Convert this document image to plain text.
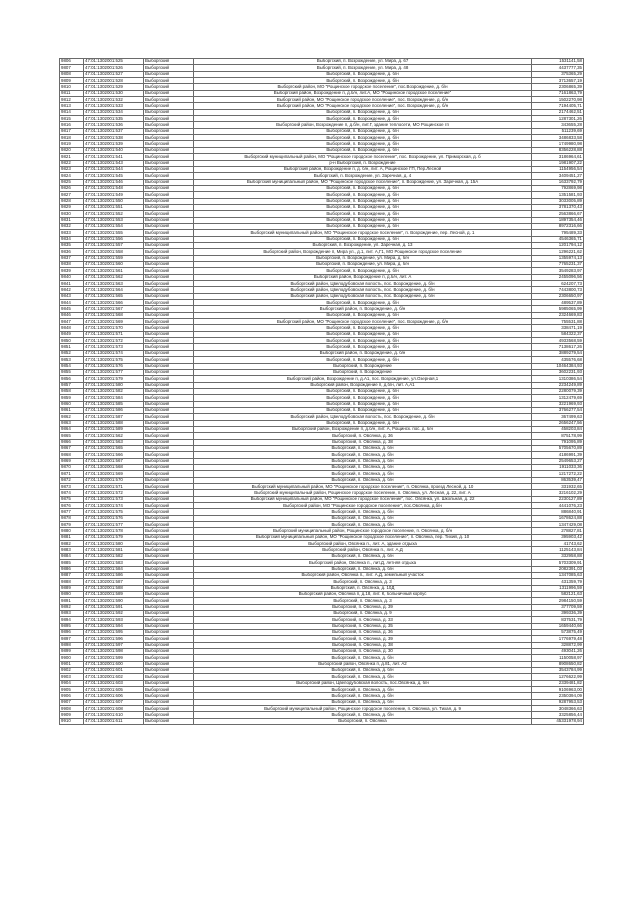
9806	47:01:1302001:525	Выборгский	Выборгский, п. Возрождение, ул. Мира, д. 67	1531141,58
9807	47:01:1302001:526	Выборгский	Выборгский, п. Возрождение, ул. Мира, д. 48	4437777,35
9808	47:01:1302001:527	Выборгский	Выборгский, п. Возрождение, д. б/н	375365,29
9809	47:01:1302001:528	Выборгский	Выборгский, п. Возрождение, д. б/н	3713657,19
9810	47:01:1302001:529	Выборгский	Выборгский район, МО "Рощинское городское поселение", пос.Возрождение, д. б/н	2306865,39
9811	47:01:1302001:530	Выборгский	Выборгский район, Возрождение п, д.б/н, лит.А, МО "Рощинское городское поселение"	7161863,79
9812	47:01:1302001:532	Выборгский	Выборгский район, МО "Рощинское городское поселение", пос. Возрождение, д. б/н	1502270,98
9813	47:01:1302001:533	Выборгский	Выборгский район, МО "Рощинское городское поселение", пос. Возрождение, д. б/н	7194405,71
9814	47:01:1302001:534	Выборгский	Выборгский, п. Возрождение, д. б/н	2174462,51
9815	47:01:1302001:535	Выборгский	Выборгский, п. Возрождение, д. б/н	1287301,26
9816	47:01:1302001:536	Выборгский	Выборгский район, Возрождение п, д.б/н, лит.Г, здание теплосети, МО Рощинское гп	343655,28
9817	47:01:1302001:537	Выборгский	Выборгский, п. Возрождение, д. б/н	511239,69
9818	47:01:1302001:538	Выборгский	Выборгский, п. Возрождение, д. б/н	3486833,58
9819	47:01:1302001:539	Выборгский	Выборгский, п. Возрождение, д. б/н	1749980,98
9820	47:01:1302001:540	Выборгский	Выборгский, п. Возрождение, д. б/н	8356228,88
9821	47:01:1302001:541	Выборгский	Выборгский муниципальный район, МО "Рощинское городское поселение", пос. Возрождение, ул. Приморская, д. б	3186964,61
9822	47:01:1302001:543	Выборгский	р-н Выборгский, п. Возрождение	1981907,22
9823	47:01:1302001:544	Выборгский	Выборгский район, Возрождение п, д. б/н, лит. А, Рощинское ГП, Пер.Лесной	1154956,54
9824	47:01:1302001:545	Выборгский	Выборгский, п. Возрождение, ул. Заречная, д. 4	3409451,27
9825	47:01:1302001:546	Выборгский	Выборгский муниципальный район, МО "Рощинское городское поселение", п. Возрождение, ул. Заречная, д. 15А	1633792,79
9826	47:01:1302001:548	Выборгский	Выборгский, п. Возрождение, д. б/н	792869,98
9827	47:01:1302001:549	Выборгский	Выборгский, п. Возрождение, д. б/н	1351581,93
9828	47:01:1302001:550	Выборгский	Выборгский, п. Возрождение, д. б/н	3033005,89
9829	47:01:1302001:551	Выборгский	Выборгский, п. Возрождение, д. б/н	3781370,43
9830	47:01:1302001:552	Выборгский	Выборгский, п. Возрождение, д. б/н	2563866,67
9831	47:01:1302001:553	Выборгский	Выборгский, п. Возрождение, д. б/н	1897354,46
9832	47:01:1302001:554	Выборгский	Выборгский, п. Возрождение, д. б/н	8972316,66
9833	47:01:1302001:555	Выборгский	Выборгский муниципальный район, МО "Рощинское городское поселение", п. Возрождение, пер. Лесной, д. 1	795489,33
9834	47:01:1302001:556	Выборгский	Выборгский, п. Возрождение, д. б/н	4546365,71
9835	47:01:1302001:557	Выборгский	Выборгский, п. Возрождение, ул. Заречная, д. 13	1201794,12
9836	47:01:1302001:558	Выборгский	Выборгский район, Возрождение п, Мира ул., д.1, лит. А,Г1, МО Рощинское городское поселение	1296221,62
9837	47:01:1302001:559	Выборгский	Выборгский, п. Возрождение, ул. Мира, д. б/н	1355974,13
9838	47:01:1302001:560	Выборгский	Выборгский, п. Возрождение, ул. Мира, д. б/н	7765231,37
9839	47:01:1302001:561	Выборгский	Выборгский, п. Возрождение, д. б/н	3549283,97
9840	47:01:1302001:562	Выборгский	Выборгский район, Возрождение п, д.б/н, лит. А	2455096,56
9841	47:01:1302001:563	Выборгский	Выборгский район, Цвелодубовская волость, пос. Возрождение, д. б/н	624207,73
9842	47:01:1302001:564	Выборгский	Выборгский район, Цвелодубовская волость, пос. Возрождение, д. б/н	7443800,73
9843	47:01:1302001:565	Выборгский	Выборгский район, Цвелодубовская волость, пос. Возрождение, д. б/н	2306650,97
9844	47:01:1302001:566	Выборгский	Выборгский, п. Возрождение, д. б/н	489537,89
9845	47:01:1302001:567	Выборгский	Выборгский район, п. Возрождение, д. б/н	5985065,99
9846	47:01:1302001:568	Выборгский	Выборгский, п. Возрождение, д. б/н	2324669,83
9847	47:01:1302001:569	Выборгский	Выборгский район, МО "Рощинское городское поселение", пос. Возрождение, д. б/н	755531,88
9848	47:01:1302001:570	Выборгский	Выборгский, п. Возрождение, д. б/н	338471,19
9849	47:01:1302001:571	Выборгский	Выборгский, п. Возрождение, д. б/н	584322,37
9850	47:01:1302001:572	Выборгский	Выборгский, п. Возрождение, д. б/н	4933568,59
9851	47:01:1302001:573	Выборгский	Выборгский, п. Возрождение, д. б/н	7138617,26
9852	47:01:1302001:574	Выборгский	Выборгский район, п. Возрождение, д. б/н	3889279,54
9853	47:01:1302001:575	Выборгский	Выборгский, п. Возрождение, д. б/н	435576,68
9854	47:01:1302001:576	Выборгский	Выборгский, п. Возрождение	10464384,93
9855	47:01:1302001:577	Выборгский	Выборгский, п. Возрождение	3602231,93
9856	47:01:1302001:579	Выборгский	Выборгский район, Возрождение п, д.А1, пос. Возрождение, ул.Озерная,1	1310386,54
9857	47:01:1302001:580	Выборгский	Выборгский район, Возрождение п, д.б/н, лит. А,А1	2234249,89
9858	47:01:1302001:582	Выборгский	Выборгский, п. Возрождение, д. б/н	2280079,39
9859	47:01:1302001:584	Выборгский	Выборгский, п. Возрождение, д. б/н	1312479,69
9860	47:01:1302001:585	Выборгский	Выборгский, п. Возрождение, д. б/н	3221969,93
9861	47:01:1302001:586	Выборгский	Выборгский, п. Возрождение, д. б/н	3766277,54
9862	47:01:1302001:587	Выборгский	Выборгский район, Цвелодубовская волость, пос. Возрождение, д. б/н	367499,63
9863	47:01:1302001:588	Выборгский	Выборгский, п. Возрождение, д. б/н	2656247,56
9864	47:01:1302001:589	Выборгский	Выборгский район, Возрождение п, д.б/н, лит. А, Рощинск. пос. д. б/н	458203,84
9865	47:01:1302001:562	Выборгский	Выборгский, п. Овсянка, д. 36	875178,99
9866	47:01:1302001:563	Выборгский	Выборгский, п. Овсянка, д. 38	791095,89
9867	47:01:1302001:565	Выборгский	Выборгский, п. Овсянка, д. б/н	5705670,89
9868	47:01:1302001:566	Выборгский	Выборгский, п. Овсянка, д. б/н	4186991,39
9869	47:01:1302001:567	Выборгский	Выборгский, п. Овсянка, д. б/н	2549653,27
9870	47:01:1302001:568	Выборгский	Выборгский, п. Овсянка, д. б/н	1911033,36
9871	47:01:1302001:569	Выборгский	Выборгский, п. Овсянка, д. б/н	1217272,22
9872	47:01:1302001:570	Выборгский	Выборгский, п. Овсянка, д. б/н	863539,47
9873	47:01:1302001:571	Выборгский	Выборгский муниципальный район, МО "Рощинское городское поселение", п. Овсянка, проезд Лесной, д. 10	331932,65
9874	47:01:1302001:572	Выборгский	Выборгский муниципальный район, Рощинское городское поселение, п. Овсянка, ул. Лесная, д. 22, лит. А	3216102,29
9875	47:01:1302001:573	Выборгский	Выборгский муниципальный район, МО "Рощинское городское поселение", пос. Овсянка, ул. Школьная, д. 22	2230127,89
9876	47:01:1302001:574	Выборгский	Выборгский район, МО "Рощинское городское поселение", пос.Овсянка, д.б/н	4441076,23
9877	47:01:1302001:575	Выборгский	Выборгский, п. Овсянка, д. б/н	886840,91
9878	47:01:1302001:576	Выборгский	Выборгский, п. Овсянка, д. б/н	1678624,88
9879	47:01:1302001:577	Выборгский	Выборгский, п. Овсянка, д. б/н	1347429,08
9880	47:01:1302001:578	Выборгский	Выборгский муниципальный район, Рощинское городское поселение, п. Овсянка, д. б/н	278827,81
9881	47:01:1302001:579	Выборгский	Выборгский муниципальный район, МО "Рощинское городское поселение", п. Овсянка, пер. Тихий, д. 10	395903,42
9882	47:01:1302001:580	Выборгский	Выборгский район, Овсянка п., лит. А, здание отдыха	41743,62
9883	47:01:1302001:581	Выборгский	Выборгский район, Овсянка п., лит. А,Д	1125143,84
9884	47:01:1302001:582	Выборгский	Выборгский, п. Овсянка, д. б/н	332958,88
9885	47:01:1302001:583	Выборгский	Выборгский район, Овсянка п., лит.Д, летняя отдыха	5703309,91
9886	47:01:1302001:584	Выборгский	Выборгский, п. Овсянка, д. б/н	2082391,03
9887	47:01:1302001:586	Выборгский	Выборгский район, Овсянка п., лит. А,Д, земельный участок	1347085,63
9888	47:01:1302001:587	Выборгский	Выборгский, п. Овсянка, д. 3	431359,79
9889	47:01:1302001:588	Выборгский	Выборгский, п. Овсянка, д. 10Д	1311996,59
9890	47:01:1302001:589	Выборгский	Выборгский район, Овсянка п, д.18, лит. К, больничный корпус	582121,63
9891	47:01:1302001:590	Выборгский	Выборгский, п. Овсянка, д. 3	2984150,59
9892	47:01:1302001:591	Выборгский	Выборгский, п. Овсянка, д. 39	377709,59
9893	47:01:1302001:592	Выборгский	Выборгский, п. Овсянка, д. 9	399336,39
9894	47:01:1302001:593	Выборгский	Выборгский, п. Овсянка, д. 33	837531,79
9895	47:01:1302001:594	Выборгский	Выборгский, п. Овсянка, д. 35	1659440,66
9896	47:01:1302001:595	Выборгский	Выборгский, п. Овсянка, д. 36	573875,49
9897	47:01:1302001:596	Выборгский	Выборгский, п. Овсянка, д. 39	1776979,48
9898	47:01:1302001:597	Выборгский	Выборгский, п. Овсянка, д. 38	328872,99
9899	47:01:1302001:598	Выборгский	Выборгский, п. Овсянка, д. 30	493041,26
9900	47:01:1302001:599	Выборгский	Выборгский, п. Овсянка, д. б/н	1150058,97
9901	47:01:1302001:600	Выборгский	Выборгский район, Овсянка п, д.81, лит. А2	8908650,82
9902	47:01:1302001:601	Выборгский	Выборгский, п. Овсянка, д. б/н	3543784,99
9903	47:01:1302001:602	Выборгский	Выборгский, п. Овсянка, д. б/н	1276622,99
9904	47:01:1302001:603	Выборгский	Выборгский район, Цвелодубовская волость, пос.Овсянка, д. б/н	2339481,82
9905	47:01:1302001:605	Выборгский	Выборгский, п. Овсянка, д. б/н	9106963,00
9906	47:01:1302001:606	Выборгский	Выборгский, п. Овсянка, д. б/н	2350394,09
9907	47:01:1302001:607	Выборгский	Выборгский, п. Овсянка, д. б/н	9287953,53
9908	47:01:1302001:608	Выборгский	Выборгский муниципальный район, Рощинское городское поселение, п. Овсянка, ул. Тихая, д. 9	3048366,63
9909	47:01:1302001:610	Выборгский	Выборгский, п. Овсянка, д. б/н	3325856,44
9910	47:01:1302001:611	Выборгский	Выборгский, п. Овсянка	45331978,94
